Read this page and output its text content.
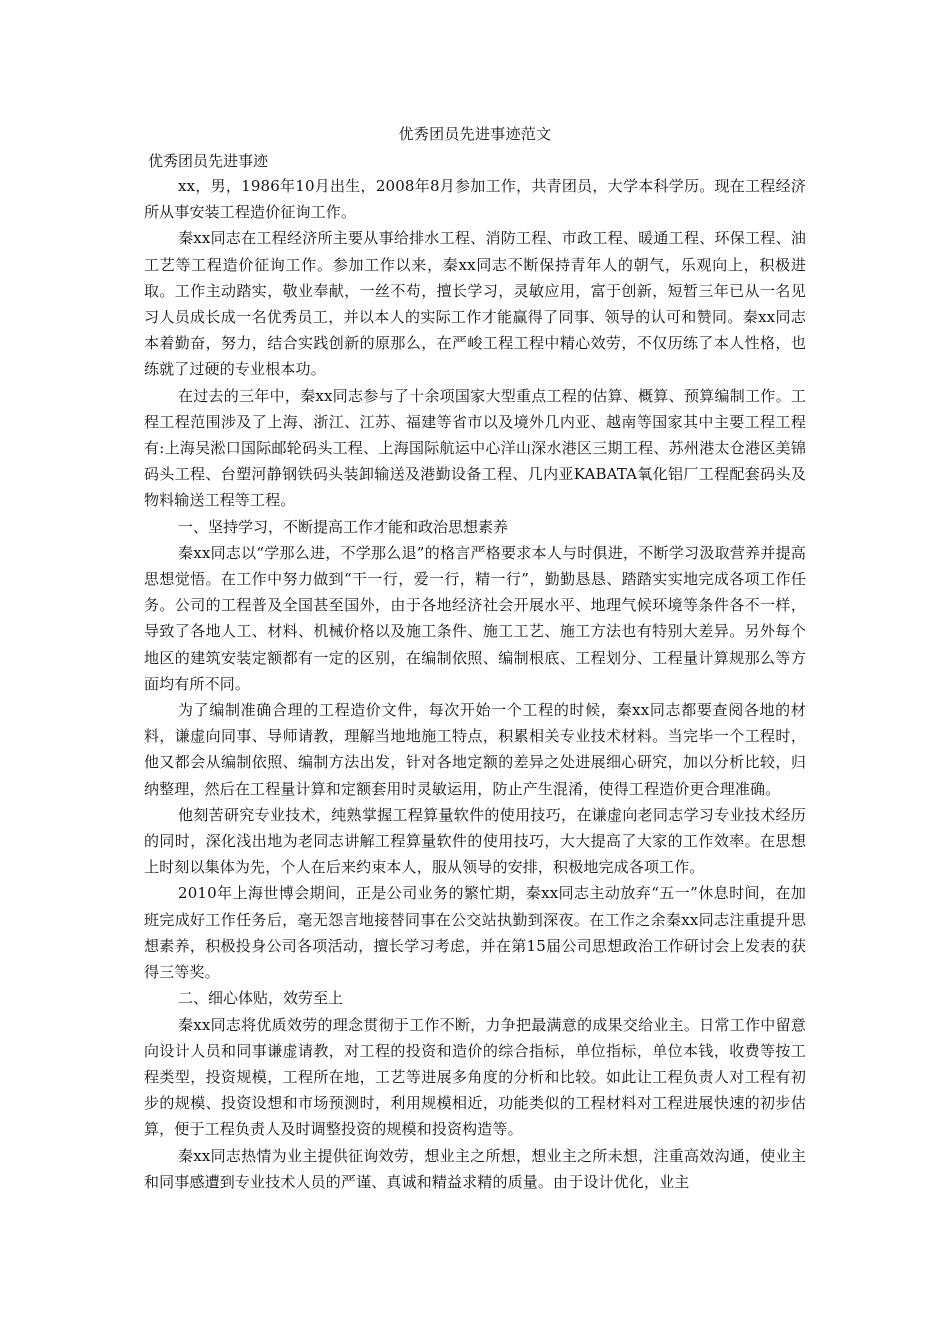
优秀团员先进事迹范文

优秀团员先进事迹

xx，男，1986年10月出生，2008年8月参加工作，共青团员，大学本科学历。现在工程经济所从事安装工程造价征询工作。

秦xx同志在工程经济所主要从事给排水工程、消防工程、市政工程、暖通工程、环保工程、油工艺等工程造价征询工作。参加工作以来，秦xx同志不断保持青年人的朝气，乐观向上，积极进取。工作主动踏实，敬业奉献，一丝不苟，擅长学习，灵敏应用，富于创新，短暂三年已从一名见习人员成长成一名优秀员工，并以本人的实际工作才能赢得了同事、领导的认可和赞同。秦xx同志本着勤奋，努力，结合实践创新的原那么，在严峻工程工程中精心效劳，不仅历练了本人性格，也练就了过硬的专业根本功。

在过去的三年中，秦xx同志参与了十余项国家大型重点工程的估算、概算、预算编制工作。工程工程范围涉及了上海、浙江、江苏、福建等省市以及境外几内亚、越南等国家其中主要工程工程有:上海吴淞口国际邮轮码头工程、上海国际航运中心洋山深水港区三期工程、苏州港太仓港区美锦码头工程、台塑河静钢铁码头装卸输送及港勤设备工程、几内亚KABATA氧化铝厂工程配套码头及物料输送工程等工程。

一、坚持学习，不断提高工作才能和政治思想素养

秦xx同志以“学那么进，不学那么退”的格言严格要求本人与时俱进，不断学习汲取营养并提高思想觉悟。在工作中努力做到“干一行，爱一行，精一行”，勤勤恳恳、踏踏实实地完成各项工作任务。公司的工程普及全国甚至国外，由于各地经济社会开展水平、地理气候环境等条件各不一样，导致了各地人工、材料、机械价格以及施工条件、施工工艺、施工方法也有特别大差异。另外每个地区的建筑安装定额都有一定的区别，在编制依照、编制根底、工程划分、工程量计算规那么等方面均有所不同。

为了编制准确合理的工程造价文件，每次开始一个工程的时候，秦xx同志都要查阅各地的材料，谦虚向同事、导师请教，理解当地地施工特点，积累相关专业技术材料。当完毕一个工程时，他又都会从编制依照、编制方法出发，针对各地定额的差异之处进展细心研究，加以分析比较，归纳整理，然后在工程量计算和定额套用时灵敏运用，防止产生混淆，使得工程造价更合理准确。

他刻苦研究专业技术，纯熟掌握工程算量软件的使用技巧，在谦虚向老同志学习专业技术经历的同时，深化浅出地为老同志讲解工程算量软件的使用技巧，大大提高了大家的工作效率。在思想上时刻以集体为先，个人在后来约束本人，服从领导的安排，积极地完成各项工作。

2010年上海世博会期间，正是公司业务的繁忙期，秦xx同志主动放弃“五一”休息时间，在加班完成好工作任务后，毫无怨言地接替同事在公交站执勤到深夜。在工作之余秦xx同志注重提升思想素养，积极投身公司各项活动，擅长学习考虑，并在第15届公司思想政治工作研讨会上发表的获得三等奖。

二、细心体贴，效劳至上

秦xx同志将优质效劳的理念贯彻于工作不断，力争把最满意的成果交给业主。日常工作中留意向设计人员和同事谦虚请教，对工程的投资和造价的综合指标，单位指标，单位本钱，收费等按工程类型，投资规模，工程所在地，工艺等进展多角度的分析和比较。如此让工程负责人对工程有初步的规模、投资设想和市场预测时，利用规模相近，功能类似的工程材料对工程进展快速的初步估算，便于工程负责人及时调整投资的规模和投资构造等。

秦xx同志热情为业主提供征询效劳，想业主之所想，想业主之所未想，注重高效沟通，使业主和同事感遭到专业技术人员的严谨、真诚和精益求精的质量。由于设计优化，业主
